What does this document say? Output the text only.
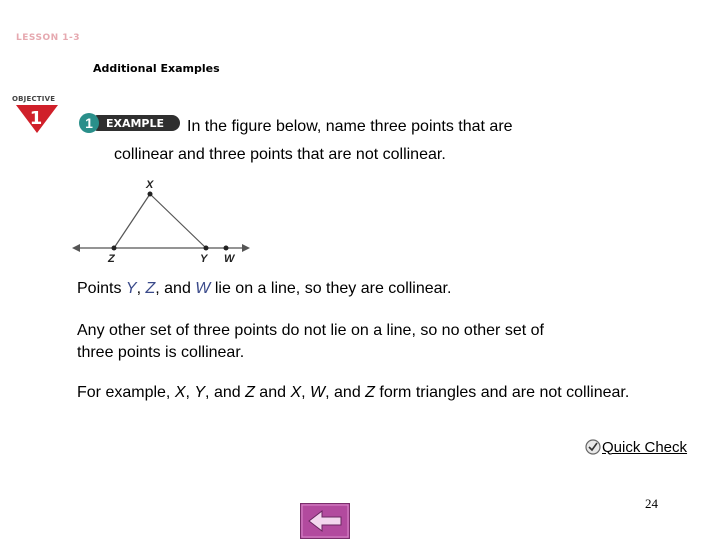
LESSON 1-3
Additional Examples
OBJECTIVE
1	1 EXAMPLE In the figure below, name three points that are
collinear and three points that are not collinear.
X
Z	Y W
Points Y, Z, and W lie on a line, so they are collinear.
Any other set of three points do not lie on a line, so no other set of
three points is collinear.
For example, X, Y, and Z and X, W, and Z form triangles and are not collinear.
Quick Check
24
